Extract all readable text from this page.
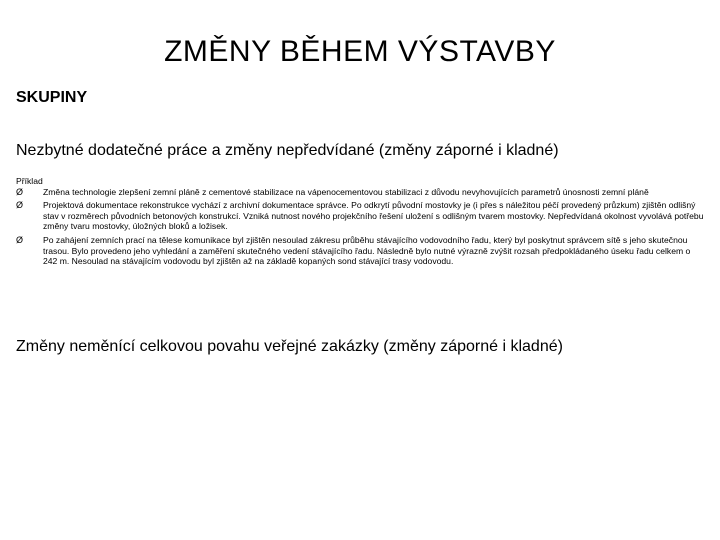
ZMĚNY BĚHEM VÝSTAVBY
SKUPINY
Nezbytné dodatečné práce a změny nepředvídané (změny záporné i kladné)
Příklad
Ø	Změna technologie zlepšení zemní pláně z cementové stabilizace na vápenocementovou stabilizaci z důvodu nevyhovujících parametrů únosnosti zemní pláně
Ø	Projektová dokumentace rekonstrukce vychází z archivní dokumentace správce. Po odkrytí původní mostovky je (i přes s náležitou péčí provedený průzkum) zjištěn odlišný stav v rozměrech původních betonových konstrukcí. Vzniká nutnost nového projekčního řešení uložení s odlišným tvarem mostovky. Nepředvídaná okolnost vyvolává potřebu změny tvaru mostovky, úložných bloků a ložisek.
Ø	Po zahájení zemních prací na tělese komunikace byl zjištěn nesoulad zákresu průběhu stávajícího vodovodního řadu, který byl poskytnut správcem sítě s jeho skutečnou trasou. Bylo provedeno jeho vyhledání a zaměření skutečného vedení stávajícího řadu. Následně bylo nutné výrazně zvýšit rozsah předpokládaného úseku řadu celkem o 242 m. Nesoulad na stávajícím vodovodu byl zjištěn až na základě kopaných sond stávající trasy vodovodu.
Změny neměnící celkovou povahu veřejné zakázky (změny záporné i kladné)
